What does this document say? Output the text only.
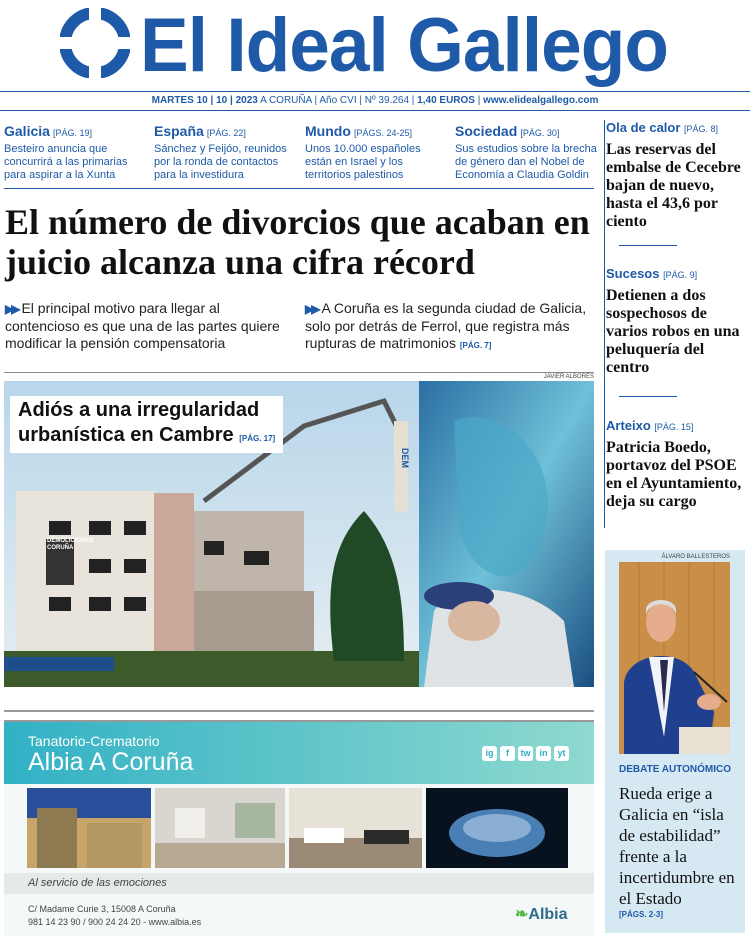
El Ideal Gallego
MARTES 10 | 10 | 2023 A CORUÑA | Año CVI | Nº 39.264 | 1,40 EUROS | www.elidealgallego.com
Galicia [PÁG. 19]
Besteiro anuncia que concurrirá a las primarias para aspirar a la Xunta
España [PÁG. 22]
Sánchez y Feijóo, reunidos por la ronda de contactos para la investidura
Mundo [PÁGS. 24-25]
Unos 10.000 españoles están en Israel y los territorios palestinos
Sociedad [PÁG. 30]
Sus estudios sobre la brecha de género dan el Nobel de Economía a Claudia Goldin
El número de divorcios que acaban en juicio alcanza una cifra récord
▶▶ El principal motivo para llegar al contencioso es que una de las partes quiere modificar la pensión compensatoria
▶▶ A Coruña es la segunda ciudad de Galicia, solo por detrás de Ferrol, que registra más rupturas de matrimonios [PÁG. 7]
JAVIER ALBORÉS
DEMOLICIONES CORUÑA
DEM
Adiós a una irregularidad
urbanística en Cambre [PÁG. 17]
Tanatorio-Crematorio
Albia A Coruña	ig	f	tw	in	yt
Al servicio de las emociones
C/ Madame Curie 3, 15008 A Coruña
981 14 23 90 / 900 24 24 20 - www.albia.es	❧Albia
Ola de calor [PÁG. 8]
Las reservas del embalse de Cecebre bajan de nuevo, hasta el 43,6 por ciento
Sucesos [PÁG. 9]
Detienen a dos sospechosos de varios robos en una peluquería del centro
Arteixo [PÁG. 15]
Patricia Boedo, portavoz del PSOE en el Ayuntamiento, deja su cargo
ÁLVARO BALLESTEROS
DEBATE AUTONÓMICO
Rueda erige a Galicia en “isla de estabilidad” frente a la incertidumbre en el Estado
[PÁGS. 2-3]
